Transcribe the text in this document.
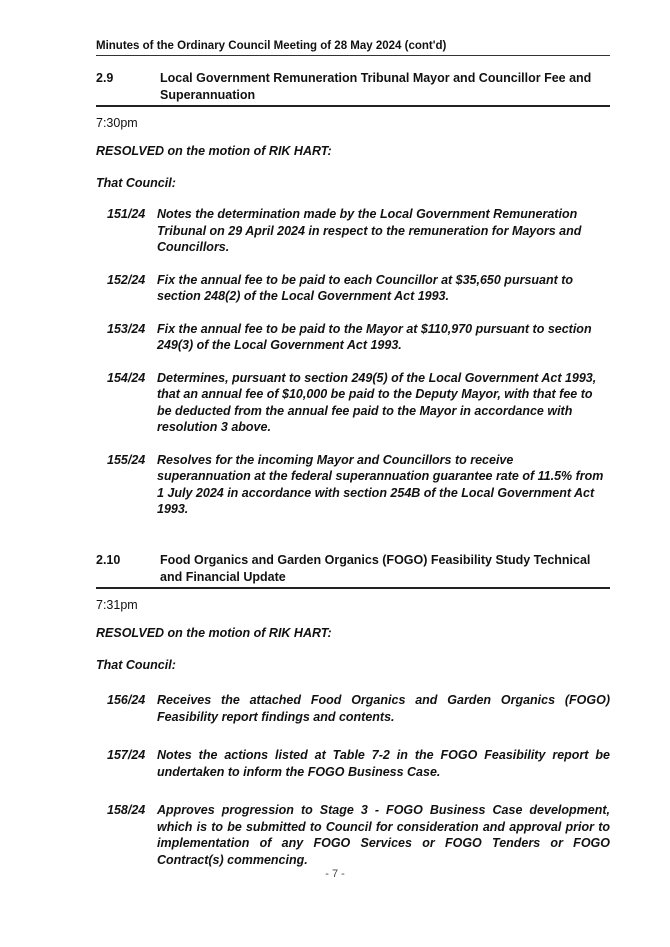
Minutes of the Ordinary Council Meeting of 28 May 2024 (cont'd)
2.9	Local Government Remuneration Tribunal Mayor and Councillor Fee and Superannuation
7:30pm
RESOLVED on the motion of RIK HART:
That Council:
151/24 Notes the determination made by the Local Government Remuneration Tribunal on 29 April 2024 in respect to the remuneration for Mayors and Councillors.
152/24 Fix the annual fee to be paid to each Councillor at $35,650 pursuant to section 248(2) of the Local Government Act 1993.
153/24 Fix the annual fee to be paid to the Mayor at $110,970 pursuant to section 249(3) of the Local Government Act 1993.
154/24 Determines, pursuant to section 249(5) of the Local Government Act 1993, that an annual fee of $10,000 be paid to the Deputy Mayor, with that fee to be deducted from the annual fee paid to the Mayor in accordance with resolution 3 above.
155/24 Resolves for the incoming Mayor and Councillors to receive superannuation at the federal superannuation guarantee rate of 11.5% from 1 July 2024 in accordance with section 254B of the Local Government Act 1993.
2.10	Food Organics and Garden Organics (FOGO) Feasibility Study Technical and Financial Update
7:31pm
RESOLVED on the motion of RIK HART:
That Council:
156/24 Receives the attached Food Organics and Garden Organics (FOGO) Feasibility report findings and contents.
157/24 Notes the actions listed at Table 7-2 in the FOGO Feasibility report be undertaken to inform the FOGO Business Case.
158/24 Approves progression to Stage 3 - FOGO Business Case development, which is to be submitted to Council for consideration and approval prior to implementation of any FOGO Services or FOGO Tenders or FOGO Contract(s) commencing.
- 7 -
